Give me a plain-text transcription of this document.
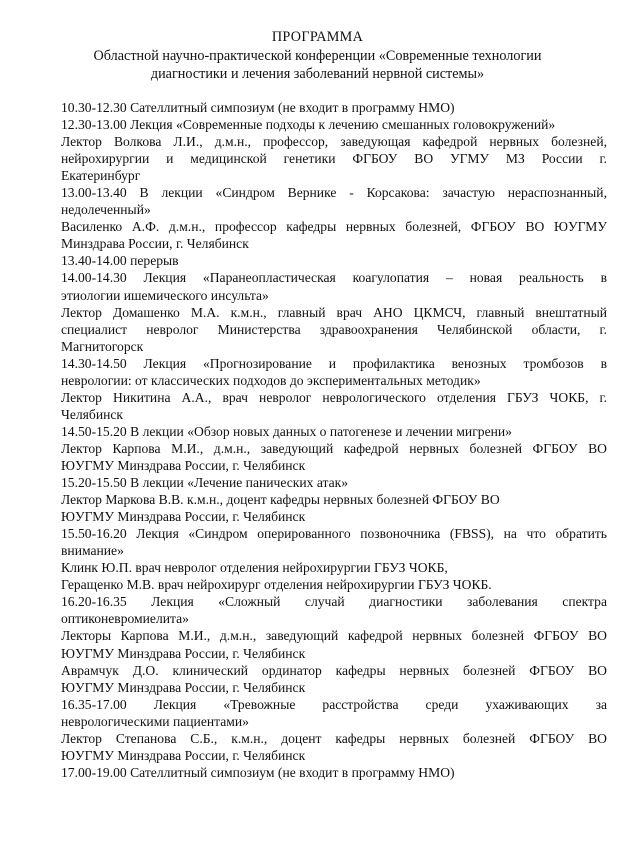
ПРОГРАММА
Областной научно-практической конференции «Современные технологии
диагностики и лечения заболеваний нервной системы»
10.30-12.30 Сателлитный симпозиум (не входит в программу НМО)
12.30-13.00 Лекция «Современные подходы к лечению смешанных головокружений»
Лектор Волкова Л.И., д.м.н., профессор, заведующая кафедрой нервных болезней,
нейрохирургии и медицинской генетики ФГБОУ ВО УГМУ МЗ России г.
Екатеринбург
13.00-13.40 В лекции «Синдром Вернике - Корсакова: зачастую нераспознанный,
недолеченный»
Василенко А.Ф. д.м.н., профессор кафедры нервных болезней, ФГБОУ ВО ЮУГМУ
Минздрава России, г. Челябинск
13.40-14.00 перерыв
14.00-14.30 Лекция «Паранеопластическая коагулопатия – новая реальность в
этиологии ишемического инсульта»
Лектор Домашенко М.А. к.м.н., главный врач АНО ЦКМСЧ, главный внештатный
специалист невролог Министерства здравоохранения Челябинской области, г.
Магнитогорск
14.30-14.50 Лекция «Прогнозирование и профилактика венозных тромбозов в
неврологии: от классических подходов до экспериментальных методик»
Лектор Никитина А.А., врач невролог неврологического отделения ГБУЗ ЧОКБ, г.
Челябинск
14.50-15.20 В лекции «Обзор новых данных о патогенезе и лечении мигрени»
Лектор Карпова М.И., д.м.н., заведующий кафедрой нервных болезней ФГБОУ ВО
ЮУГМУ Минздрава России, г. Челябинск
15.20-15.50 В лекции «Лечение панических атак»
Лектор Маркова В.В. к.м.н., доцент кафедры нервных болезней ФГБОУ ВО
ЮУГМУ Минздрава России, г. Челябинск
15.50-16.20 Лекция «Синдром оперированного позвоночника (FBSS), на что обратить
внимание»
Клинк Ю.П. врач невролог отделения нейрохирургии ГБУЗ ЧОКБ,
Геращенко М.В. врач нейрохирург отделения нейрохирургии ГБУЗ ЧОКБ.
16.20-16.35 Лекция «Сложный случай диагностики заболевания спектра
оптиконевромиелита»
Лекторы Карпова М.И., д.м.н., заведующий кафедрой нервных болезней ФГБОУ ВО
ЮУГМУ Минздрава России, г. Челябинск
Аврамчук Д.О. клинический ординатор кафедры нервных болезней ФГБОУ ВО
ЮУГМУ Минздрава России, г. Челябинск
16.35-17.00 Лекция «Тревожные расстройства среди ухаживающих за
неврологическими пациентами»
Лектор Степанова С.Б., к.м.н., доцент кафедры нервных болезней ФГБОУ ВО
ЮУГМУ Минздрава России, г. Челябинск
17.00-19.00 Сателлитный симпозиум (не входит в программу НМО)
